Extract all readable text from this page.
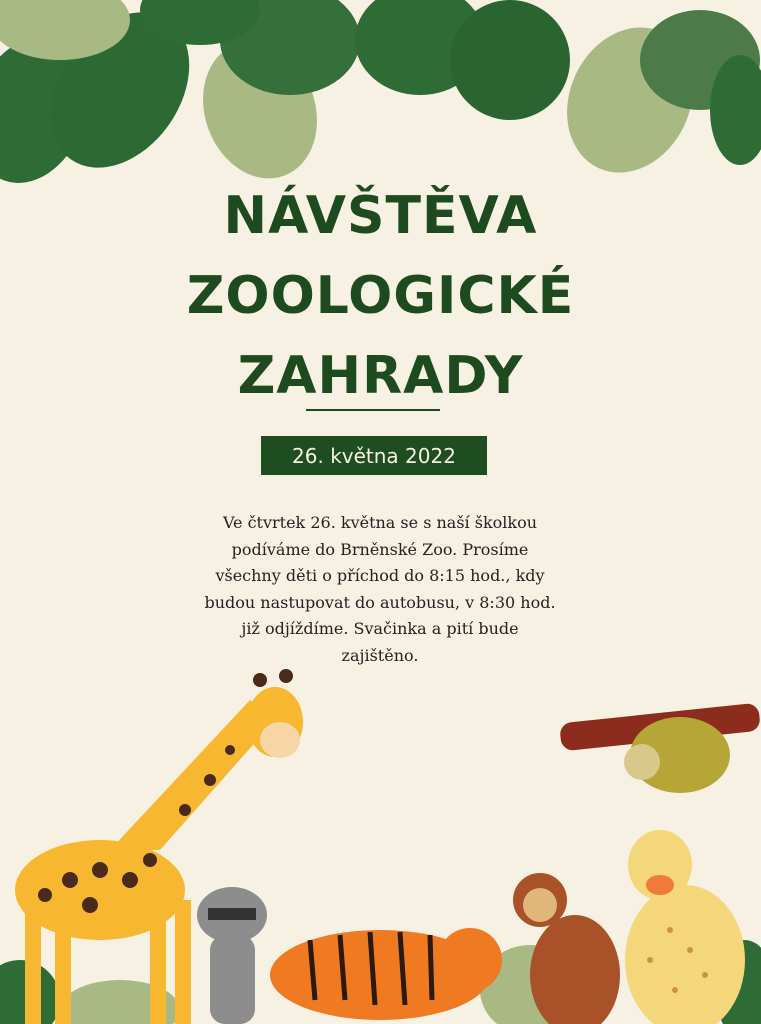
NÁVŠTĚVA
ZOOLOGICKÉ
ZAHRADY
26. května 2022
Ve čtvrtek 26. května se s naší školkou
podíváme do Brněnské Zoo. Prosíme
všechny děti o příchod do 8:15 hod., kdy
budou nastupovat do autobusu, v 8:30 hod.
již odjíždíme. Svačinka a pití bude
zajištěno.
